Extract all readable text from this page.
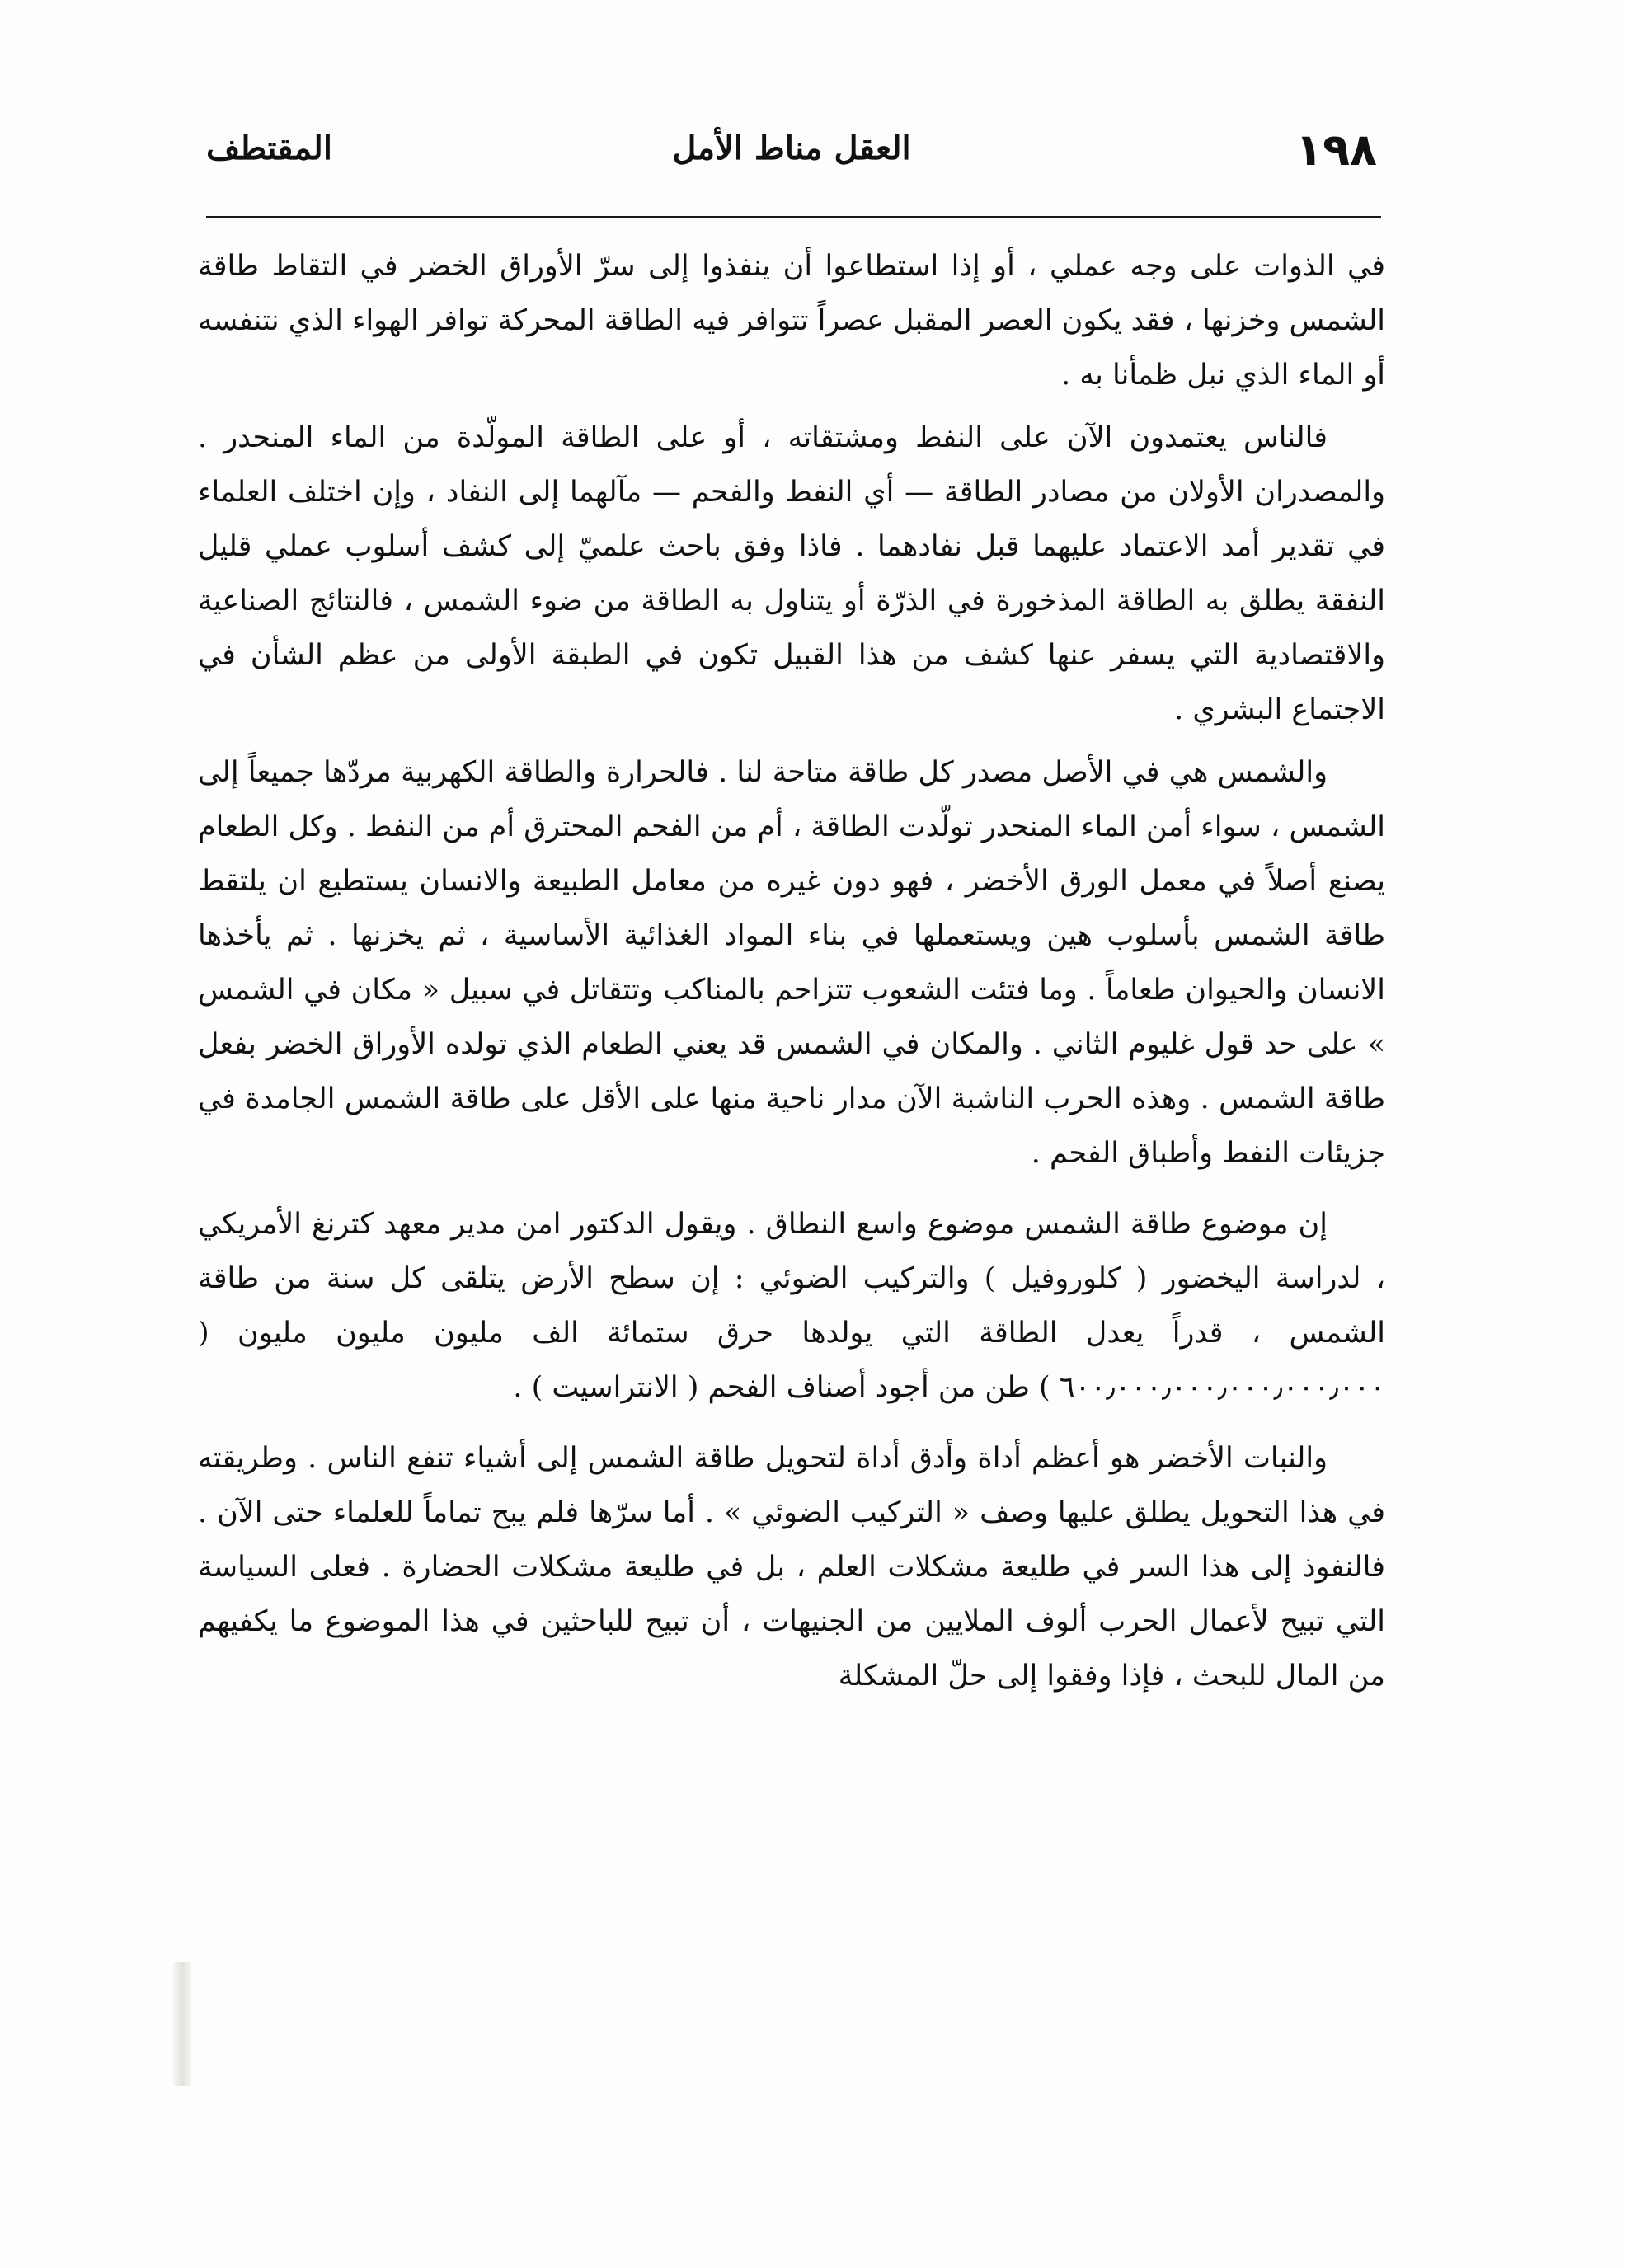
١٩٨
العقل مناط الأمل
المقتطف

في الذوات على وجه عملي ، أو إذا استطاعوا أن ينفذوا إلى سرّ الأوراق الخضر في التقاط طاقة الشمس وخزنها ، فقد يكون العصر المقبل عصراً تتوافر فيه الطاقة المحركة توافر الهواء الذي نتنفسه أو الماء الذي نبل ظمأنا به .

فالناس يعتمدون الآن على النفط ومشتقاته ، أو على الطاقة المولّدة من الماء المنحدر . والمصدران الأولان من مصادر الطاقة — أي النفط والفحم — مآلهما إلى النفاد ، وإن اختلف العلماء في تقدير أمد الاعتماد عليهما قبل نفادهما . فاذا وفق باحث علميّ إلى كشف أسلوب عملي قليل النفقة يطلق به الطاقة المذخورة في الذرّة أو يتناول به الطاقة من ضوء الشمس ، فالنتائج الصناعية والاقتصادية التي يسفر عنها كشف من هذا القبيل تكون في الطبقة الأولى من عظم الشأن في الاجتماع البشري .

والشمس هي في الأصل مصدر كل طاقة متاحة لنا . فالحرارة والطاقة الكهربية مردّها جميعاً إلى الشمس ، سواء أمن الماء المنحدر تولّدت الطاقة ، أم من الفحم المحترق أم من النفط . وكل الطعام يصنع أصلاً في معمل الورق الأخضر ، فهو دون غيره من معامل الطبيعة والانسان يستطيع ان يلتقط طاقة الشمس بأسلوب هين ويستعملها في بناء المواد الغذائية الأساسية ، ثم يخزنها . ثم يأخذها الانسان والحيوان طعاماً . وما فتئت الشعوب تتزاحم بالمناكب وتتقاتل في سبيل « مكان في الشمس » على حد قول غليوم الثاني . والمكان في الشمس قد يعني الطعام الذي تولده الأوراق الخضر بفعل طاقة الشمس . وهذه الحرب الناشبة الآن مدار ناحية منها على الأقل على طاقة الشمس الجامدة في جزيئات النفط وأطباق الفحم .

إن موضوع طاقة الشمس موضوع واسع النطاق . ويقول الدكتور امن مدير معهد كترنغ الأمريكي ، لدراسة اليخضور ( كلوروفيل ) والتركيب الضوئي : إن سطح الأرض يتلقى كل سنة من طاقة الشمس ، قدراً يعدل الطاقة التي يولدها حرق ستمائة الف مليون مليون مليون ( ٦٠٠٫٠٠٠٫٠٠٠٫٠٠٠٫٠٠٠٫٠٠٠ ) طن من أجود أصناف الفحم ( الانتراسيت ) .

والنبات الأخضر هو أعظم أداة وأدق أداة لتحويل طاقة الشمس إلى أشياء تنفع الناس . وطريقته في هذا التحويل يطلق عليها وصف « التركيب الضوئي » . أما سرّها فلم يبح تماماً للعلماء حتى الآن . فالنفوذ إلى هذا السر في طليعة مشكلات العلم ، بل في طليعة مشكلات الحضارة . فعلى السياسة التي تبيح لأعمال الحرب ألوف الملايين من الجنيهات ، أن تبيح للباحثين في هذا الموضوع ما يكفيهم من المال للبحث ، فإذا وفقوا إلى حلّ المشكلة
